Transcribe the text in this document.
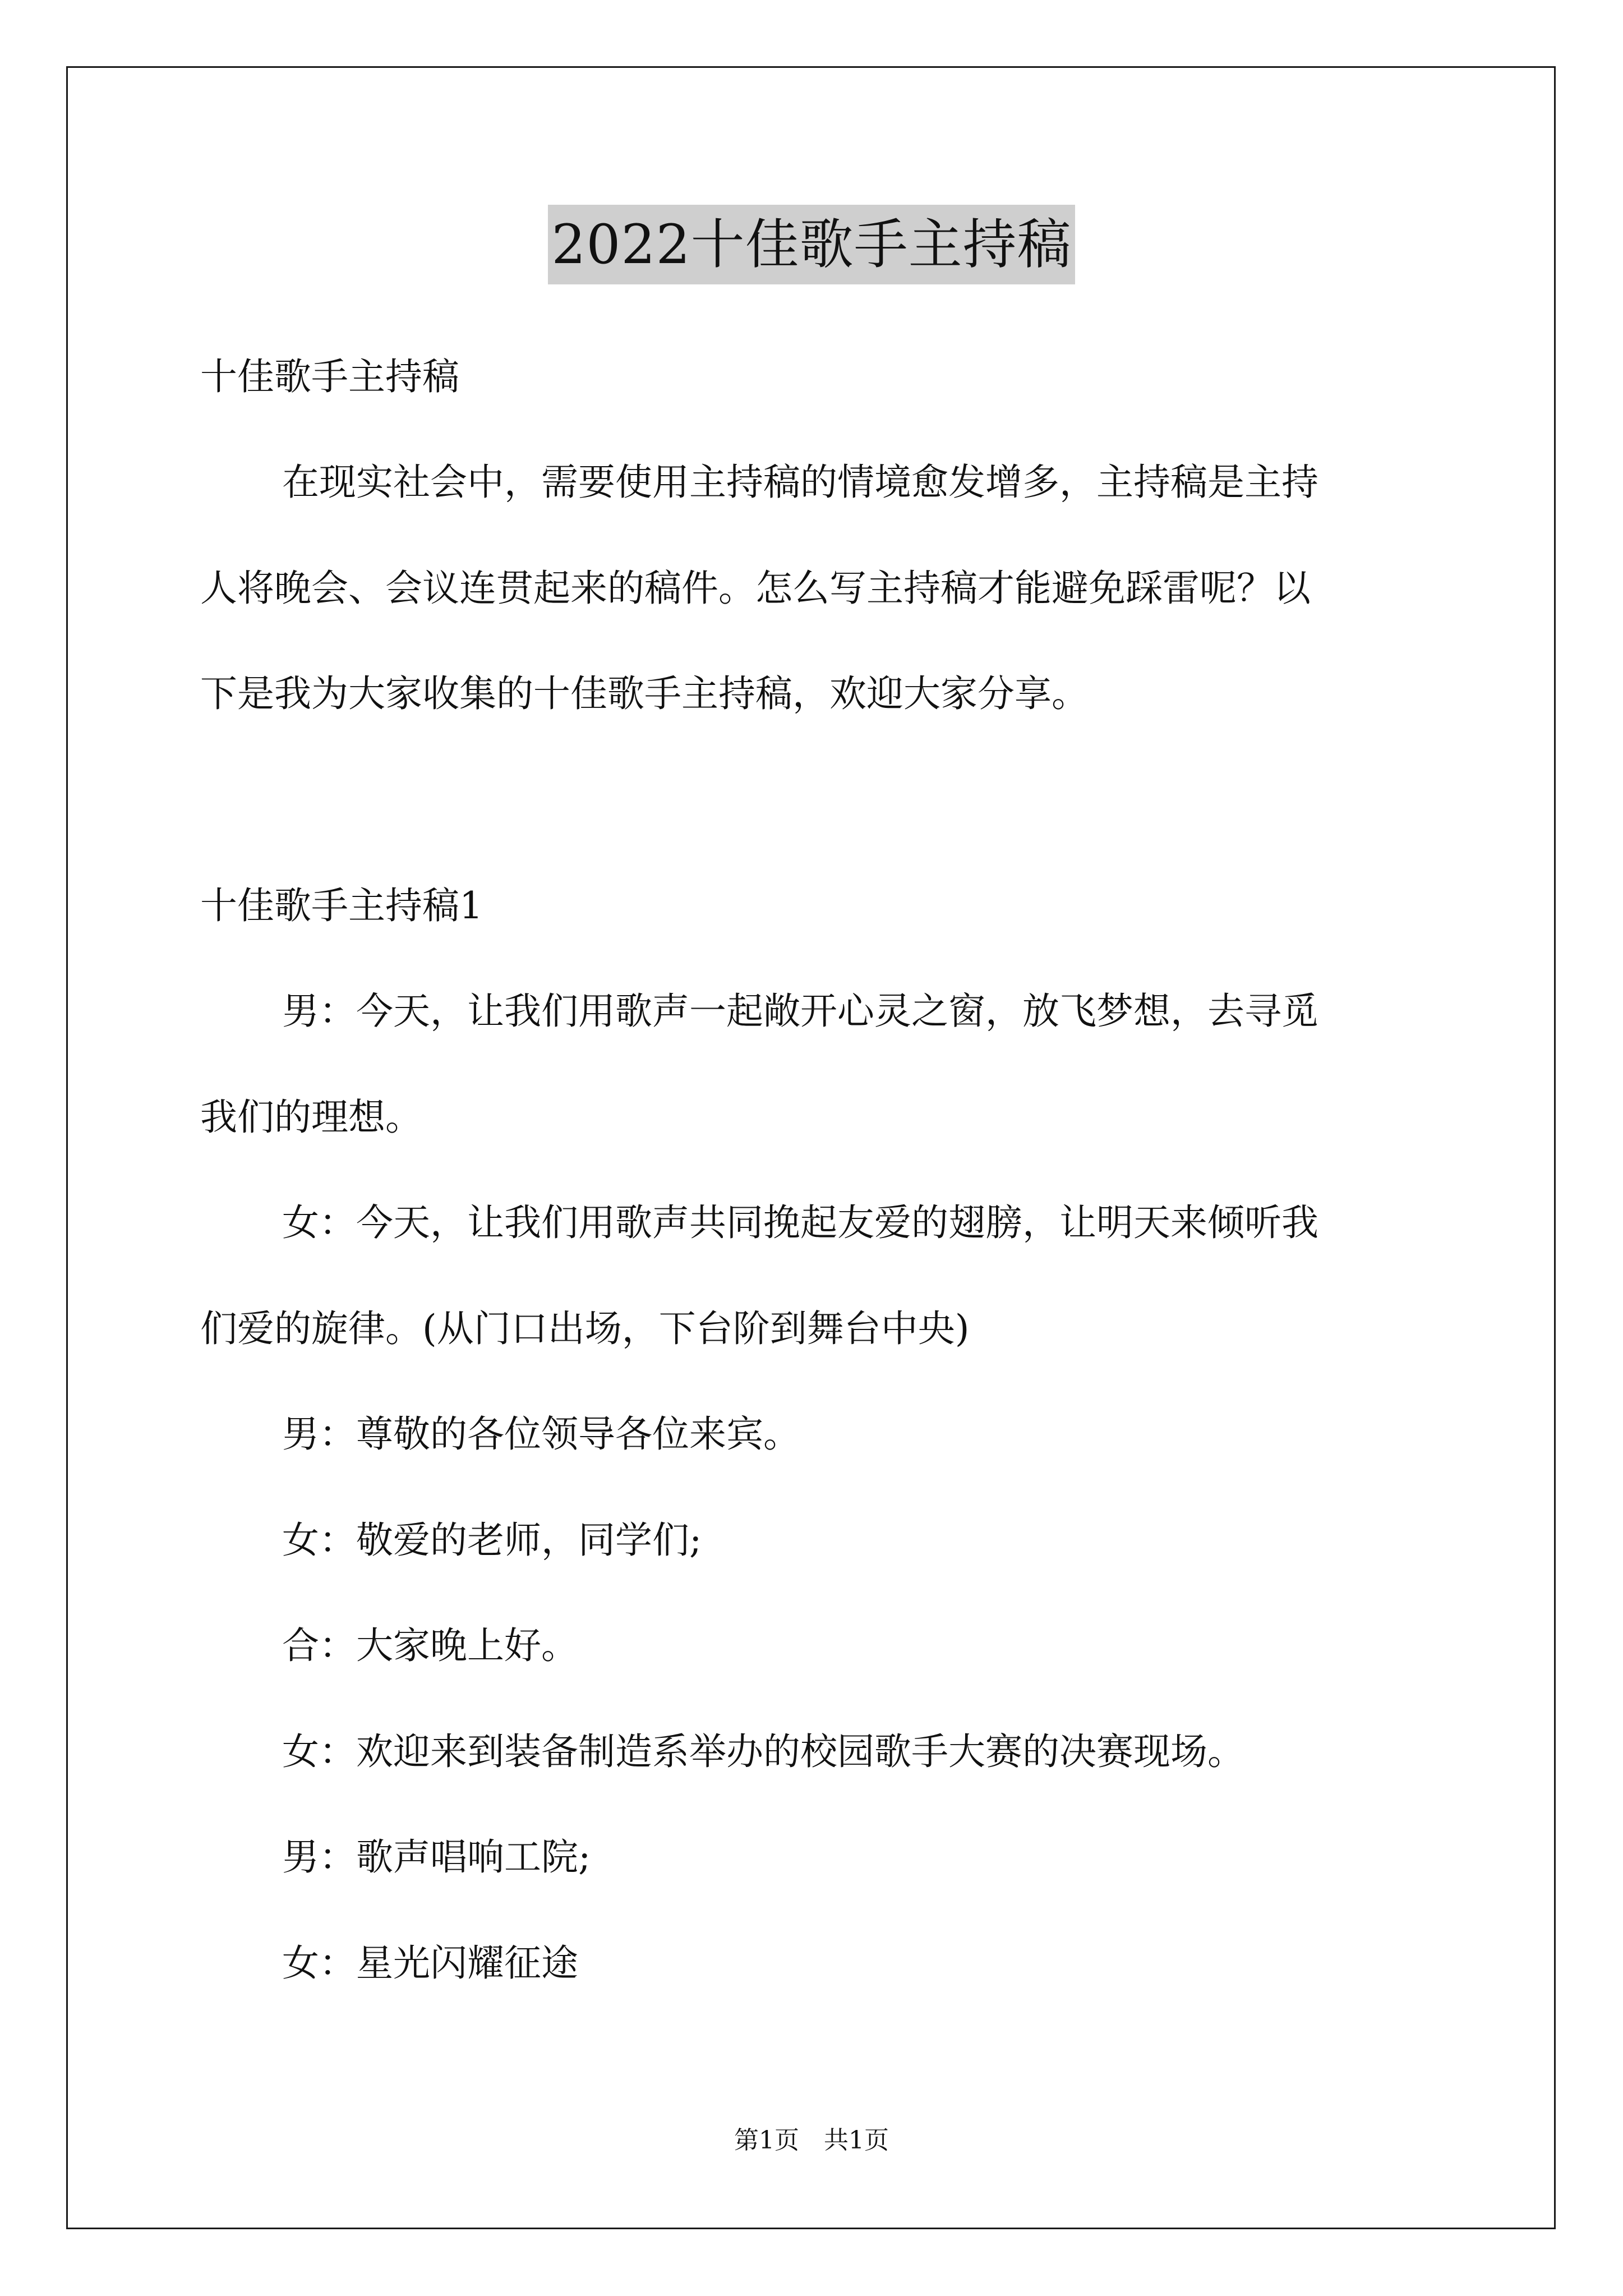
2022十佳歌手主持稿

十佳歌手主持稿

在现实社会中，需要使用主持稿的情境愈发增多，主持稿是主持

人将晚会、会议连贯起来的稿件。怎么写主持稿才能避免踩雷呢？以

下是我为大家收集的十佳歌手主持稿，欢迎大家分享。

十佳歌手主持稿1

男：今天，让我们用歌声一起敞开心灵之窗，放飞梦想，去寻觅

我们的理想。

女：今天，让我们用歌声共同挽起友爱的翅膀，让明天来倾听我

们爱的旋律。(从门口出场，下台阶到舞台中央)

男：尊敬的各位领导各位来宾。

女：敬爱的老师，同学们;

合：大家晚上好。

女：欢迎来到装备制造系举办的校园歌手大赛的决赛现场。

男：歌声唱响工院;

女：星光闪耀征途

第1页　共1页
